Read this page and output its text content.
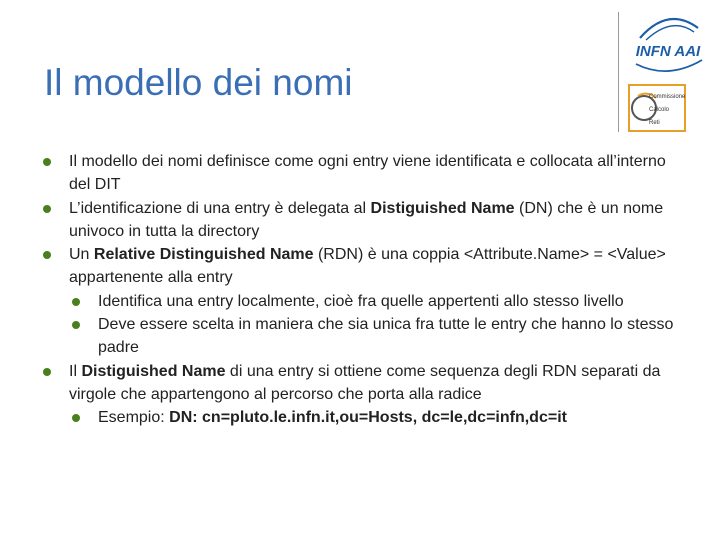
Il modello dei nomi
INFN AAI
Commissione
Calcolo
Reti
Il modello dei nomi definisce come ogni entry viene identificata e collocata all’interno del DIT
L’identificazione di una entry è delegata al Distiguished Name (DN) che è un nome univoco in tutta la directory
Un Relative Distinguished Name (RDN) è una coppia <Attribute.Name> = <Value> appartenente alla entry
Identifica una entry localmente, cioè fra quelle appertenti allo stesso livello
Deve essere scelta in maniera che sia unica fra tutte le entry che hanno lo stesso padre
Il Distiguished Name di una entry si ottiene come sequenza degli RDN separati da virgole che appartengono al percorso che porta alla radice
Esempio: DN: cn=pluto.le.infn.it,ou=Hosts, dc=le,dc=infn,dc=it
